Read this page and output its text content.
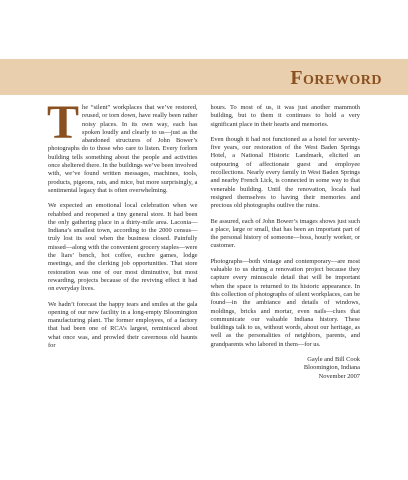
Foreword

The “silent” workplaces that we’ve restored, reused, or torn down, have really been rather noisy places. In its own way, each has spoken loudly and clearly to us—just as the abandoned structures of John Bower’s photographs do to those who care to listen. Every forlorn building tells something about the people and activities once sheltered there. In the buildings we’ve been involved with, we’ve found written messages, machines, tools, products, pigeons, rats, and mice, but more surprisingly, a sentimental legacy that is often overwhelming.

We expected an emotional local celebration when we rehabbed and reopened a tiny general store. It had been the only gathering place in a thirty-mile area. Laconia—Indiana’s smallest town, according to the 2000 census—truly lost its soul when the business closed. Painfully missed—along with the convenient grocery staples—were the liars’ bench, hot coffee, euchre games, lodge meetings, and the clerking job opportunities. That store restoration was one of our most diminutive, but most rewarding, projects because of the reviving effect it had on everyday lives.

We hadn’t forecast the happy tears and smiles at the gala opening of our new facility in a long-empty Bloomington manufacturing plant. The former employees, of a factory that had been one of RCA’s largest, reminisced about what once was, and prowled their cavernous old haunts for

hours. To most of us, it was just another mammoth building, but to them it continues to hold a very significant place in their hearts and memories.

Even though it had not functioned as a hotel for seventy-five years, our restoration of the West Baden Springs Hotel, a National Historic Landmark, elicited an outpouring of affectionate guest and employee recollections. Nearly every family in West Baden Springs and nearby French Lick, is connected in some way to that venerable building. Until the renovation, locals had resigned themselves to having their memories and precious old photographs outlive the ruins.

Be assured, each of John Bower’s images shows just such a place, large or small, that has been an important part of the personal history of someone—boss, hourly worker, or customer.

Photographs—both vintage and contemporary—are most valuable to us during a renovation project because they capture every minuscule detail that will be important when the space is returned to its historic appearance. In this collection of photographs of silent workplaces, can be found—in the ambiance and details of windows, moldings, bricks and mortar, even nails—clues that communicate our valuable Indiana history. These buildings talk to us, without words, about our heritage, as well as the personalities of neighbors, parents, and grandparents who labored in them—for us.

Gayle and Bill Cook
Bloomington, Indiana
November 2007
